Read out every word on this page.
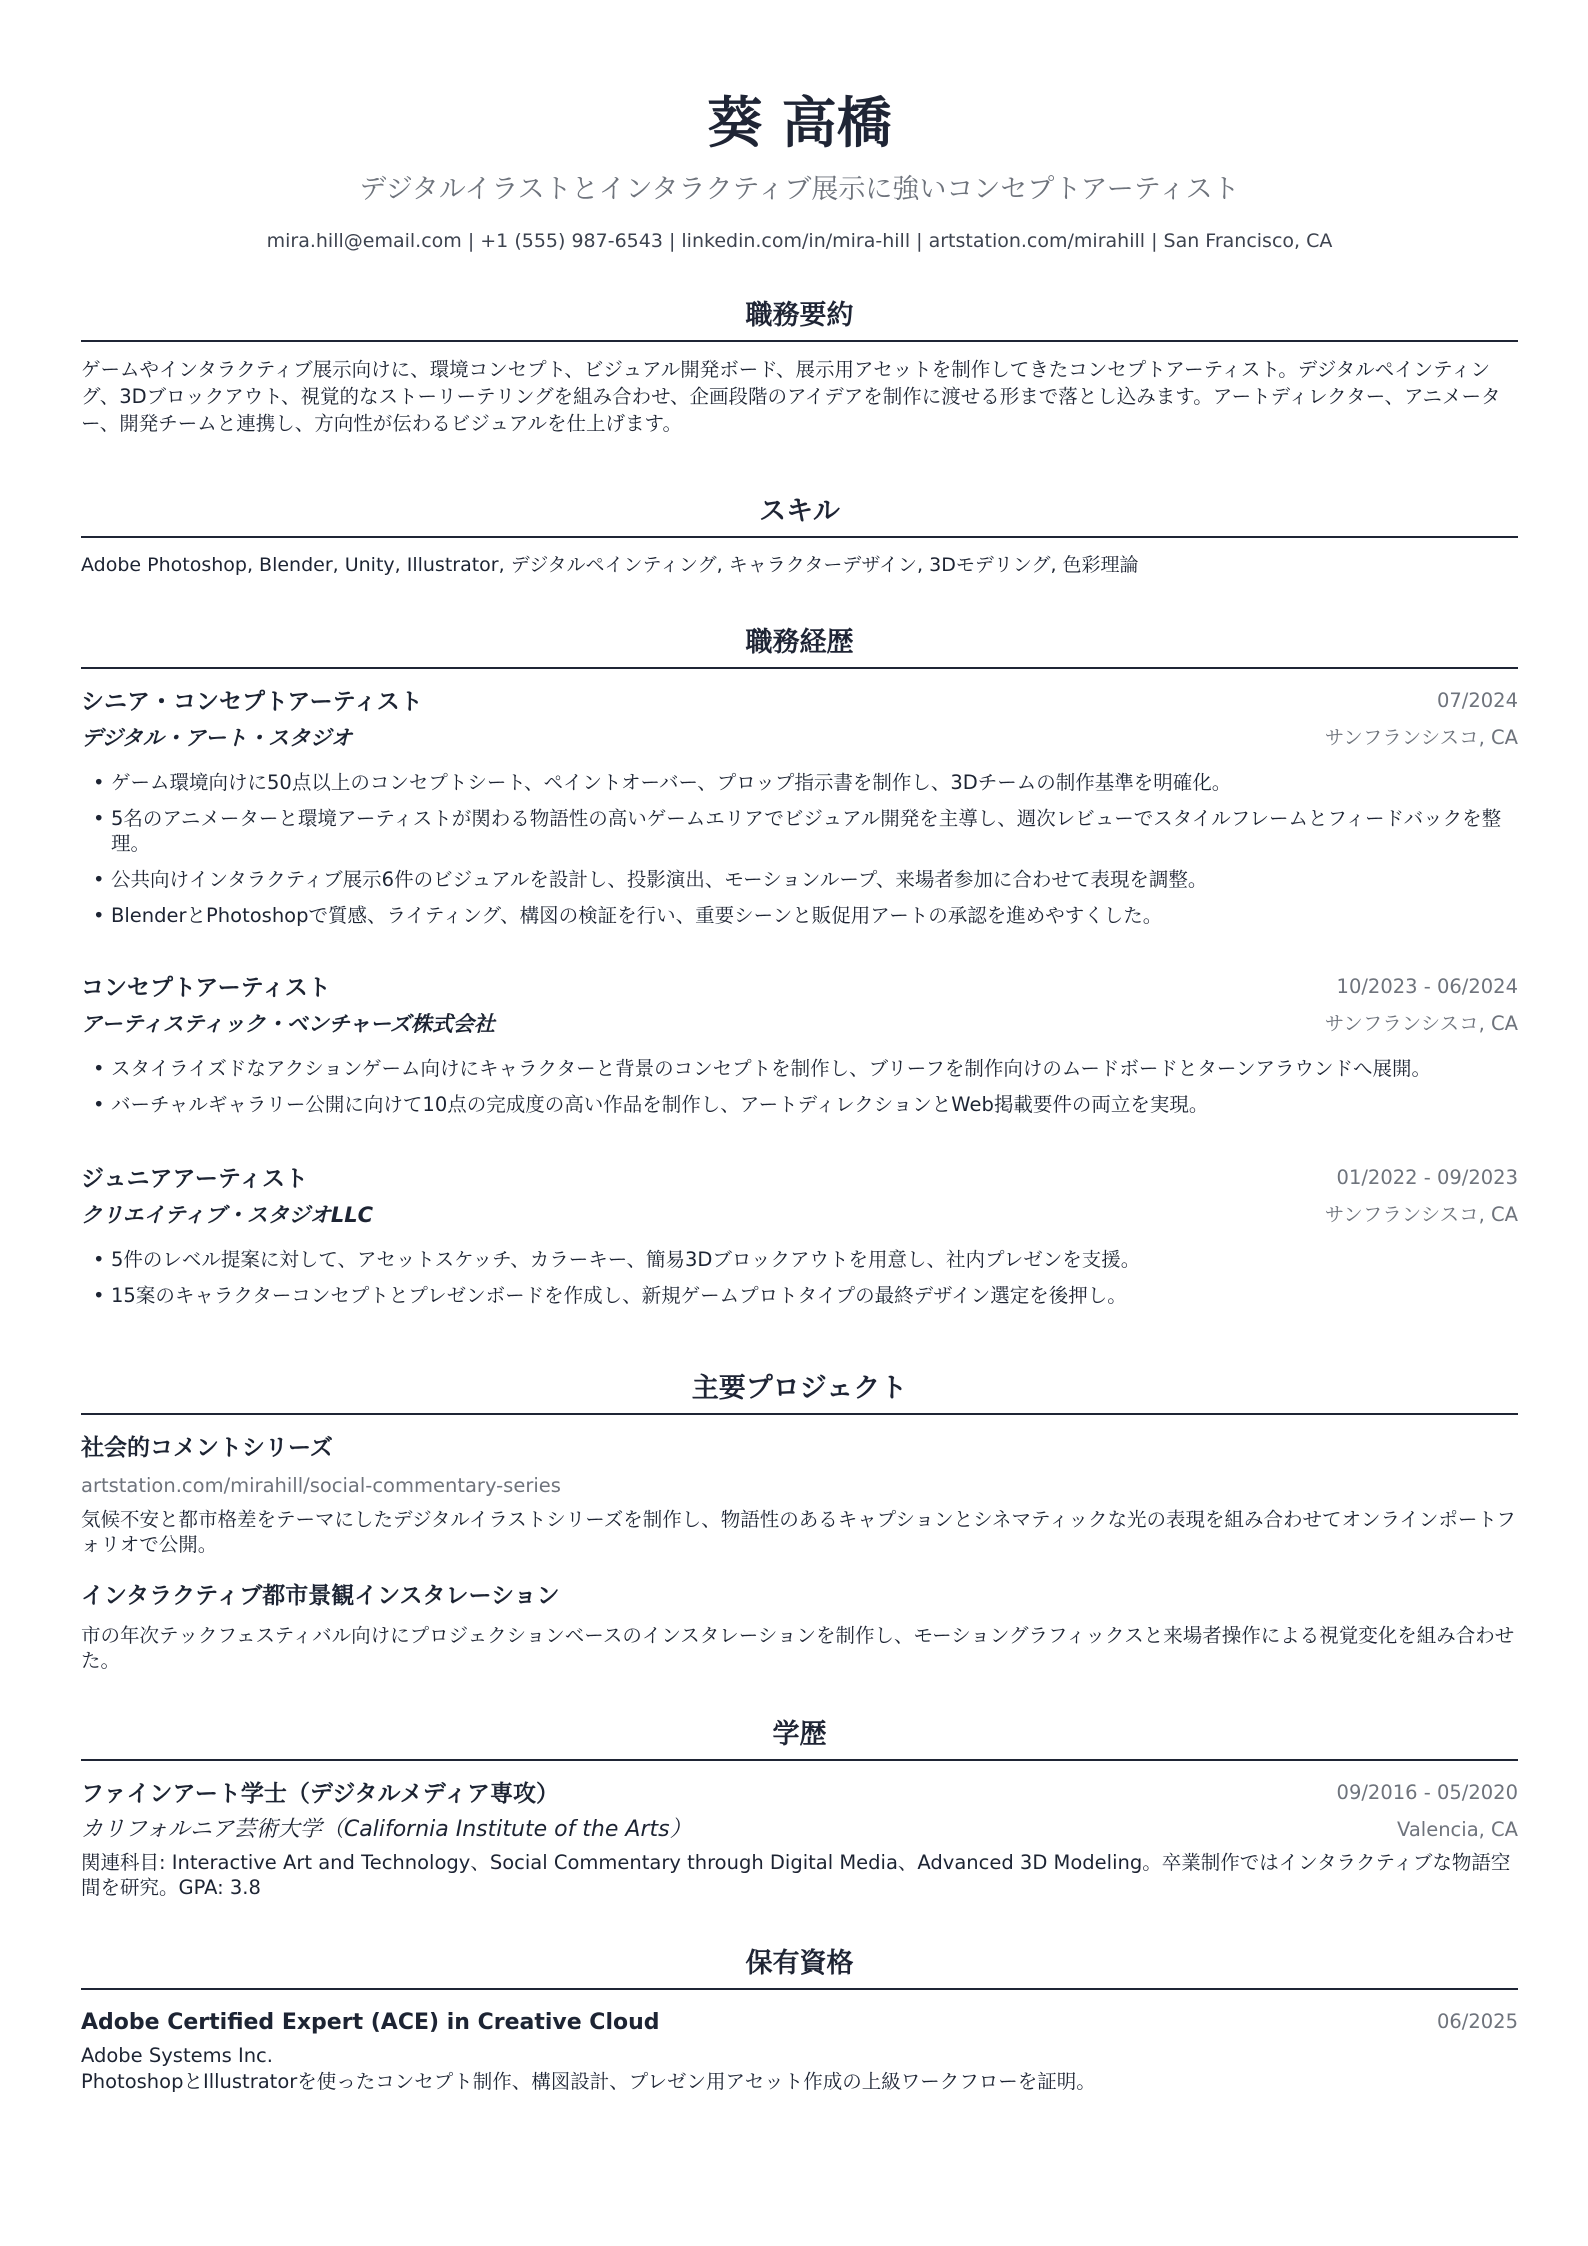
葵 高橋
デジタルイラストとインタラクティブ展示に強いコンセプトアーティスト
mira.hill@email.com | +1 (555) 987-6543 | linkedin.com/in/mira-hill | artstation.com/mirahill | San Francisco, CA
職務要約
ゲームやインタラクティブ展示向けに、環境コンセプト、ビジュアル開発ボード、展示用アセットを制作してきたコンセプトアーティスト。デジタルペインティング、3Dブロックアウト、視覚的なストーリーテリングを組み合わせ、企画段階のアイデアを制作に渡せる形まで落とし込みます。アートディレクター、アニメーター、開発チームと連携し、方向性が伝わるビジュアルを仕上げます。
スキル
Adobe Photoshop, Blender, Unity, Illustrator, デジタルペインティング, キャラクターデザイン, 3Dモデリング, 色彩理論
職務経歴
シニア・コンセプトアーティスト	07/2024
デジタル・アート・スタジオ	サンフランシスコ, CA
• ゲーム環境向けに50点以上のコンセプトシート、ペイントオーバー、プロップ指示書を制作し、3Dチームの制作基準を明確化。
• 5名のアニメーターと環境アーティストが関わる物語性の高いゲームエリアでビジュアル開発を主導し、週次レビューでスタイルフレームとフィードバックを整理。
• 公共向けインタラクティブ展示6件のビジュアルを設計し、投影演出、モーションループ、来場者参加に合わせて表現を調整。
• BlenderとPhotoshopで質感、ライティング、構図の検証を行い、重要シーンと販促用アートの承認を進めやすくした。
コンセプトアーティスト	10/2023 - 06/2024
アーティスティック・ベンチャーズ株式会社	サンフランシスコ, CA
• スタイライズドなアクションゲーム向けにキャラクターと背景のコンセプトを制作し、ブリーフを制作向けのムードボードとターンアラウンドへ展開。
• バーチャルギャラリー公開に向けて10点の完成度の高い作品を制作し、アートディレクションとWeb掲載要件の両立を実現。
ジュニアアーティスト	01/2022 - 09/2023
クリエイティブ・スタジオLLC	サンフランシスコ, CA
• 5件のレベル提案に対して、アセットスケッチ、カラーキー、簡易3Dブロックアウトを用意し、社内プレゼンを支援。
• 15案のキャラクターコンセプトとプレゼンボードを作成し、新規ゲームプロトタイプの最終デザイン選定を後押し。
主要プロジェクト
社会的コメントシリーズ
artstation.com/mirahill/social-commentary-series
気候不安と都市格差をテーマにしたデジタルイラストシリーズを制作し、物語性のあるキャプションとシネマティックな光の表現を組み合わせてオンラインポートフォリオで公開。
インタラクティブ都市景観インスタレーション
市の年次テックフェスティバル向けにプロジェクションベースのインスタレーションを制作し、モーショングラフィックスと来場者操作による視覚変化を組み合わせた。
学歴
ファインアート学士（デジタルメディア専攻）	09/2016 - 05/2020
カリフォルニア芸術大学（California Institute of the Arts）	Valencia, CA
関連科目: Interactive Art and Technology、Social Commentary through Digital Media、Advanced 3D Modeling。卒業制作ではインタラクティブな物語空間を研究。GPA: 3.8
保有資格
Adobe Certified Expert (ACE) in Creative Cloud	06/2025
Adobe Systems Inc.
PhotoshopとIllustratorを使ったコンセプト制作、構図設計、プレゼン用アセット作成の上級ワークフローを証明。
